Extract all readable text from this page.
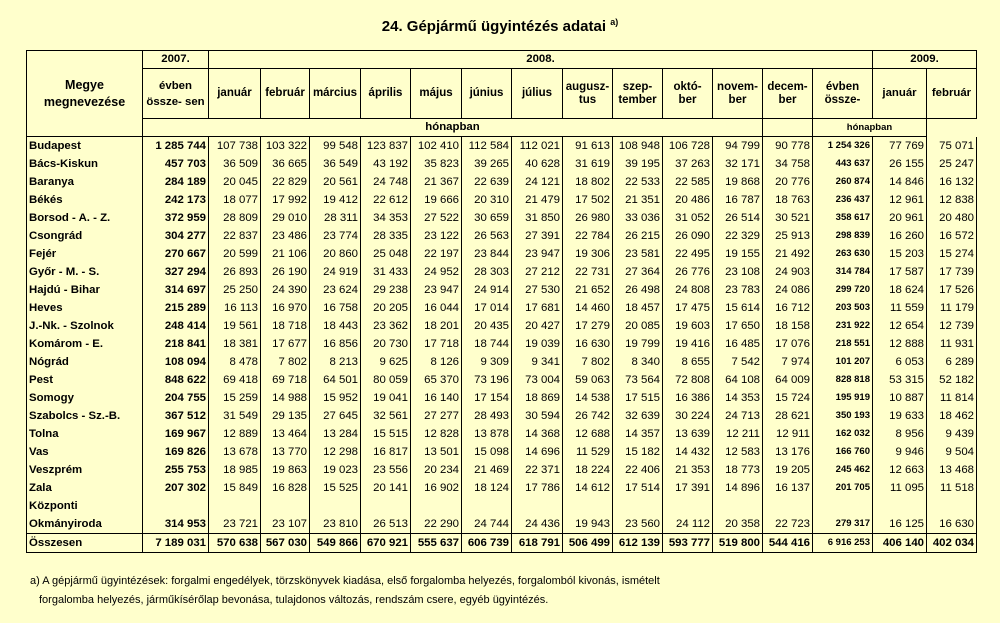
24. Gépjármű ügyintézés adatai $^{a)}$
Megye megnevezése	2007.	2008.													2009.	
	évben össze- sen	január	február	március	április	május	június	július	augusz-tus	szep-tember	októ-ber	novem-ber	decem-ber	évben össze-	január	február
	hónapban													hónapban		
Budapest	1 285 744	107 738	103 322	99 548	123 837	102 410	112 584	112 021	91 613	108 948	106 728	94 799	90 778	1 254 326	77 769	75 071
Bács-Kiskun	457 703	36 509	36 665	36 549	43 192	35 823	39 265	40 628	31 619	39 195	37 263	32 171	34 758	443 637	26 155	25 247
Baranya	284 189	20 045	22 829	20 561	24 748	21 367	22 639	24 121	18 802	22 533	22 585	19 868	20 776	260 874	14 846	16 132
Békés	242 173	18 077	17 992	19 412	22 612	19 666	20 310	21 479	17 502	21 351	20 486	16 787	18 763	236 437	12 961	12 838
Borsod - A. - Z.	372 959	28 809	29 010	28 311	34 353	27 522	30 659	31 850	26 980	33 036	31 052	26 514	30 521	358 617	20 961	20 480
Csongrád	304 277	22 837	23 486	23 774	28 335	23 122	26 563	27 391	22 784	26 215	26 090	22 329	25 913	298 839	16 260	16 572
Fejér	270 667	20 599	21 106	20 860	25 048	22 197	23 844	23 947	19 306	23 581	22 495	19 155	21 492	263 630	15 203	15 274
Győr - M. - S.	327 294	26 893	26 190	24 919	31 433	24 952	28 303	27 212	22 731	27 364	26 776	23 108	24 903	314 784	17 587	17 739
Hajdú - Bihar	314 697	25 250	24 390	23 624	29 238	23 947	24 914	27 530	21 652	26 498	24 808	23 783	24 086	299 720	18 624	17 526
Heves	215 289	16 113	16 970	16 758	20 205	16 044	17 014	17 681	14 460	18 457	17 475	15 614	16 712	203 503	11 559	11 179
J.-Nk. - Szolnok	248 414	19 561	18 718	18 443	23 362	18 201	20 435	20 427	17 279	20 085	19 603	17 650	18 158	231 922	12 654	12 739
Komárom - E.	218 841	18 381	17 677	16 856	20 730	17 718	18 744	19 039	16 630	19 799	19 416	16 485	17 076	218 551	12 888	11 931
Nógrád	108 094	8 478	7 802	8 213	9 625	8 126	9 309	9 341	7 802	8 340	8 655	7 542	7 974	101 207	6 053	6 289
Pest	848 622	69 418	69 718	64 501	80 059	65 370	73 196	73 004	59 063	73 564	72 808	64 108	64 009	828 818	53 315	52 182
Somogy	204 755	15 259	14 988	15 952	19 041	16 140	17 154	18 869	14 538	17 515	16 386	14 353	15 724	195 919	10 887	11 814
Szabolcs - Sz.-B.	367 512	31 549	29 135	27 645	32 561	27 277	28 493	30 594	26 742	32 639	30 224	24 713	28 621	350 193	19 633	18 462
Tolna	169 967	12 889	13 464	13 284	15 515	12 828	13 878	14 368	12 688	14 357	13 639	12 211	12 911	162 032	8 956	9 439
Vas	169 826	13 678	13 770	12 298	16 817	13 501	15 098	14 696	11 529	15 182	14 432	12 583	13 176	166 760	9 946	9 504
Veszprém	255 753	18 985	19 863	19 023	23 556	20 234	21 469	22 371	18 224	22 406	21 353	18 773	19 205	245 462	12 663	13 468
Zala	207 302	15 849	16 828	15 525	20 141	16 902	18 124	17 786	14 612	17 514	17 391	14 896	16 137	201 705	11 095	11 518
Központi																
Okmányiroda	314 953	23 721	23 107	23 810	26 513	22 290	24 744	24 436	19 943	23 560	24 112	20 358	22 723	279 317	16 125	16 630
Összesen	7 189 031	570 638	567 030	549 866	670 921	555 637	606 739	618 791	506 499	612 139	593 777	519 800	544 416	6 916 253	406 140	402 034
a) A gépjármű ügyintézések: forgalmi engedélyek, törzskönyvek kiadása, első forgalomba helyezés, forgalomból kivonás, ismételt
forgalomba helyezés, járműkísérőlap bevonása, tulajdonos változás, rendszám csere, egyéb ügyintézés.
